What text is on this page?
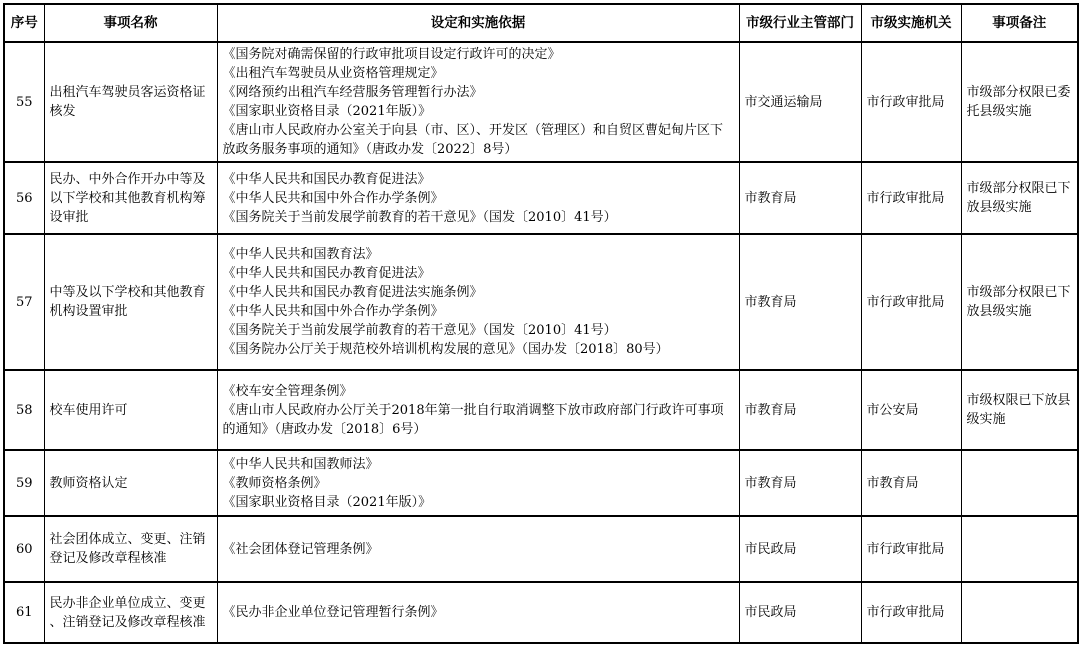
序号	事项名称	设定和实施依据	市级行业主管部门	市级实施机关	事项备注
55	出租汽车驾驶员客运资格证核发	《国务院对确需保留的行政审批项目设定行政许可的决定》
《出租汽车驾驶员从业资格管理规定》
《网络预约出租汽车经营服务管理暂行办法》
《国家职业资格目录（2021年版）》
《唐山市人民政府办公室关于向县（市、区）、开发区（管理区）和自贸区曹妃甸片区下放政务服务事项的通知》（唐政办发〔2022〕8号）	市交通运输局	市行政审批局	市级部分权限已委托县级实施
56	民办、中外合作开办中等及以下学校和其他教育机构筹设审批	《中华人民共和国民办教育促进法》
《中华人民共和国中外合作办学条例》
《国务院关于当前发展学前教育的若干意见》（国发〔2010〕41号）	市教育局	市行政审批局	市级部分权限已下放县级实施
57	中等及以下学校和其他教育机构设置审批	
《中华人民共和国教育法》
《中华人民共和国民办教育促进法》
《中华人民共和国民办教育促进法实施条例》
《中华人民共和国中外合作办学条例》
《国务院关于当前发展学前教育的若干意见》（国发〔2010〕41号）
《国务院办公厅关于规范校外培训机构发展的意见》（国办发〔2018〕80号）
	市教育局	市行政审批局	市级部分权限已下放县级实施
58	校车使用许可	《校车安全管理条例》
《唐山市人民政府办公厅关于2018年第一批自行取消调整下放市政府部门行政许可事项的通知》（唐政办发〔2018〕6号）	市教育局	市公安局	市级权限已下放县级实施
59	教师资格认定	《中华人民共和国教师法》
《教师资格条例》
《国家职业资格目录（2021年版）》	市教育局	市教育局	
60	社会团体成立、变更、注销登记及修改章程核准	《社会团体登记管理条例》	市民政局	市行政审批局	
61	民办非企业单位成立、变更、注销登记及修改章程核准	《民办非企业单位登记管理暂行条例》	市民政局	市行政审批局	
